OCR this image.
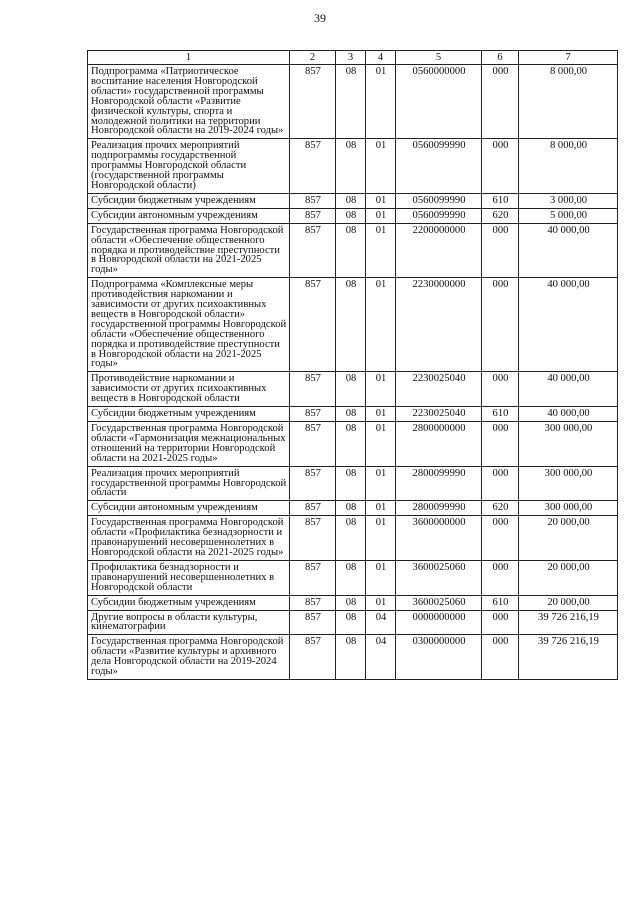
39
1	2	3	4	5	6	7
Подпрограмма «Патриотическое воспитание населения Новгородской области» государственной программы Новгородской области «Развитие физической культуры, спорта и молодежной политики на территории Новгородской области на 2019-2024 годы»	857	08	01	0560000000	000	8 000,00
Реализация прочих мероприятий подпрограммы государственной программы Новгородской области (государственной программы Новгородской области)	857	08	01	0560099990	000	8 000,00
Субсидии бюджетным учреждениям	857	08	01	0560099990	610	3 000,00
Субсидии автономным учреждениям	857	08	01	0560099990	620	5 000,00
Государственная программа Новгородской области «Обеспечение общественного порядка и противодействие преступности в Новгородской области на 2021-2025 годы»	857	08	01	2200000000	000	40 000,00
Подпрограмма «Комплексные меры противодействия наркомании и зависимости от других психоактивных веществ в Новгородской области» государственной программы Новгородской области «Обеспечение общественного порядка и противодействие преступности в Новгородской области на 2021-2025 годы»	857	08	01	2230000000	000	40 000,00
Противодействие наркомании и зависимости от других психоактивных веществ в Новгородской области	857	08	01	2230025040	000	40 000,00
Субсидии бюджетным учреждениям	857	08	01	2230025040	610	40 000,00
Государственная программа Новгородской области «Гармонизация межнациональных отношений на территории Новгородской области на 2021-2025 годы»	857	08	01	2800000000	000	300 000,00
Реализация прочих мероприятий государственной программы Новгородской области	857	08	01	2800099990	000	300 000,00
Субсидии автономным учреждениям	857	08	01	2800099990	620	300 000,00
Государственная программа Новгородской области «Профилактика безнадзорности и правонарушений несовершеннолетних в Новгородской области на 2021-2025 годы»	857	08	01	3600000000	000	20 000,00
Профилактика безнадзорности и правонарушений несовершеннолетних в Новгородской области	857	08	01	3600025060	000	20 000,00
Субсидии бюджетным учреждениям	857	08	01	3600025060	610	20 000,00
Другие вопросы в области культуры, кинематографии	857	08	04	0000000000	000	39 726 216,19
Государственная программа Новгородской области «Развитие культуры и архивного дела Новгородской области на 2019-2024 годы»	857	08	04	0300000000	000	39 726 216,19
